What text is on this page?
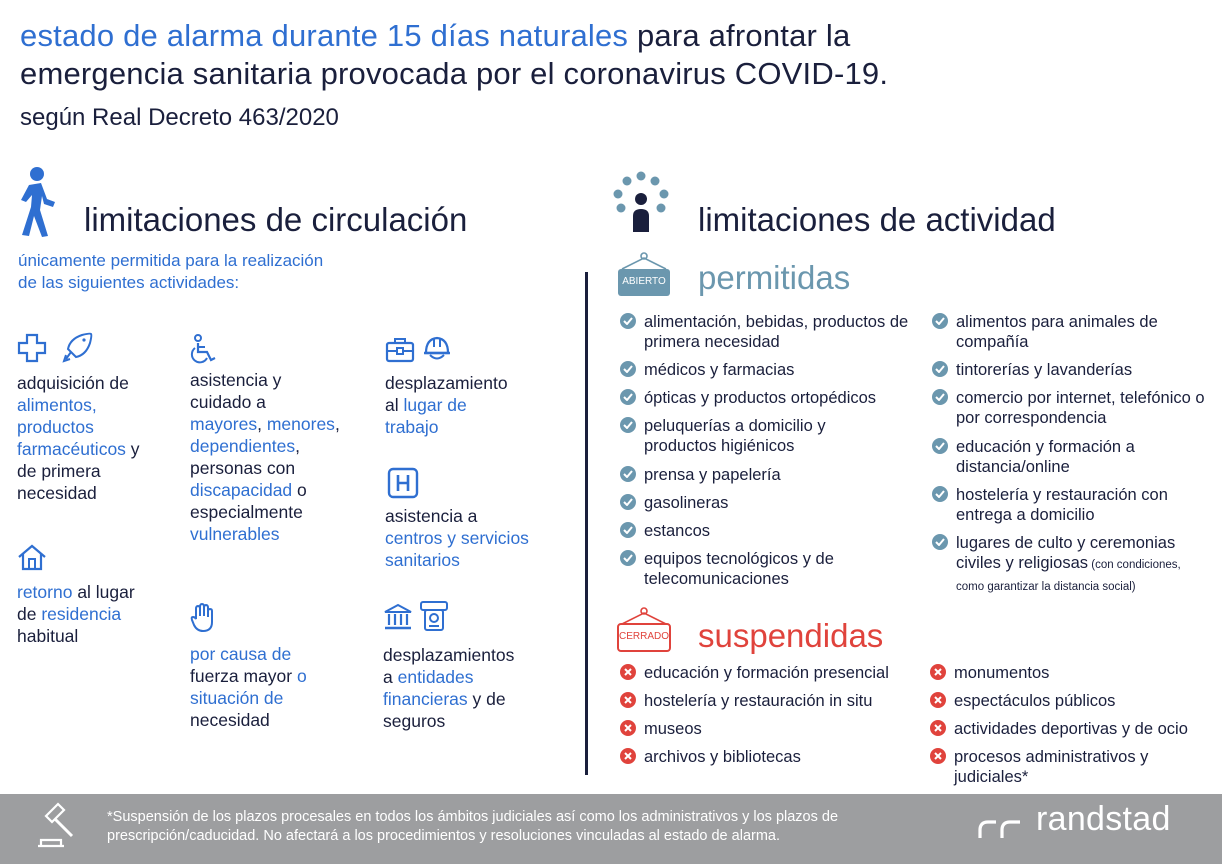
estado de alarma durante 15 días naturales para afrontar la
emergencia sanitaria provocada por el coronavirus COVID-19.
según Real Decreto 463/2020
limitaciones de circulación
únicamente permitida para la realización
de las siguientes actividades:
adquisición de
alimentos,
productos
farmacéuticos y
de primera
necesidad
retorno al lugar
de residencia
habitual
asistencia y
cuidado a
mayores, menores,
dependientes,
personas con
discapacidad o
especialmente
vulnerables
por causa de
fuerza mayor o
situación de
necesidad
desplazamiento
al lugar de
trabajo
asistencia a
centros y servicios
sanitarios
desplazamientos
a entidades
financieras y de
seguros
limitaciones de actividad
ABIERTO permitidas
alimentación, bebidas, productos de primera necesidad
médicos y farmacias
ópticas y productos ortopédicos
peluquerías a domicilio y productos higiénicos
prensa y papelería
gasolineras
estancos
equipos tecnológicos y de telecomunicaciones
alimentos para animales de compañía
tintorerías y lavanderías
comercio por internet, telefónico o por correspondencia
educación y formación a distancia/online
hostelería y restauración con entrega a domicilio
lugares de culto y ceremonias civiles y religiosas (con condiciones,
como garantizar la distancia social)
CERRADO suspendidas
educación y formación presencial
hostelería y restauración in situ
museos
archivos y bibliotecas
monumentos
espectáculos públicos
actividades deportivas y de ocio
procesos administrativos y judiciales*
*Suspensión de los plazos procesales en todos los ámbitos judiciales así como los administrativos y los plazos de prescripción/caducidad. No afectará a los procedimientos y resoluciones vinculadas al estado de alarma.	randstad
